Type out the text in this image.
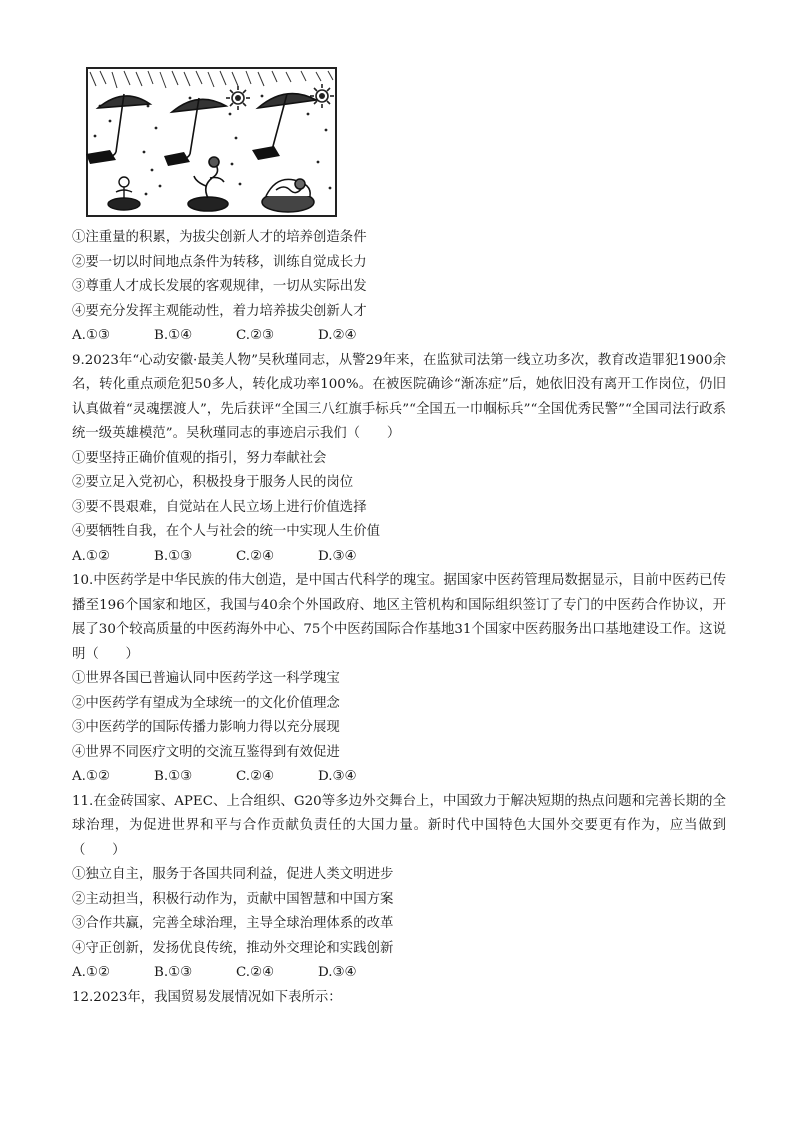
①注重量的积累，为拔尖创新人才的培养创造条件
②要一切以时间地点条件为转移，训练自觉成长力
③尊重人才成长发展的客观规律，一切从实际出发
④要充分发挥主观能动性，着力培养拔尖创新人才
A.①③	B.①④	C.②③	D.②④
9.2023年“心动安徽·最美人物”吴秋瑾同志，从警29年来，在监狱司法第一线立功多次，教育改造罪犯1900余名，转化重点顽危犯50多人，转化成功率100%。在被医院确诊“渐冻症”后，她依旧没有离开工作岗位，仍旧认真做着“灵魂摆渡人”，先后获评“全国三八红旗手标兵”“全国五一巾帼标兵”“全国优秀民警”“全国司法行政系统一级英雄模范”。吴秋瑾同志的事迹启示我们（　　）
①要坚持正确价值观的指引，努力奉献社会
②要立足入党初心，积极投身于服务人民的岗位
③要不畏艰难，自觉站在人民立场上进行价值选择
④要牺牲自我，在个人与社会的统一中实现人生价值
A.①②	B.①③	C.②④	D.③④
10.中医药学是中华民族的伟大创造，是中国古代科学的瑰宝。据国家中医药管理局数据显示，目前中医药已传播至196个国家和地区，我国与40余个外国政府、地区主管机构和国际组织签订了专门的中医药合作协议，开展了30个较高质量的中医药海外中心、75个中医药国际合作基地31个国家中医药服务出口基地建设工作。这说明（　　）
①世界各国已普遍认同中医药学这一科学瑰宝
②中医药学有望成为全球统一的文化价值理念
③中医药学的国际传播力影响力得以充分展现
④世界不同医疗文明的交流互鉴得到有效促进
A.①②	B.①③	C.②④	D.③④
11.在金砖国家、APEC、上合组织、G20等多边外交舞台上，中国致力于解决短期的热点问题和完善长期的全球治理，为促进世界和平与合作贡献负责任的大国力量。新时代中国特色大国外交要更有作为，应当做到（　　）
①独立自主，服务于各国共同利益，促进人类文明进步
②主动担当，积极行动作为，贡献中国智慧和中国方案
③合作共赢，完善全球治理，主导全球治理体系的改革
④守正创新，发扬优良传统，推动外交理论和实践创新
A.①②	B.①③	C.②④	D.③④
12.2023年，我国贸易发展情况如下表所示：
